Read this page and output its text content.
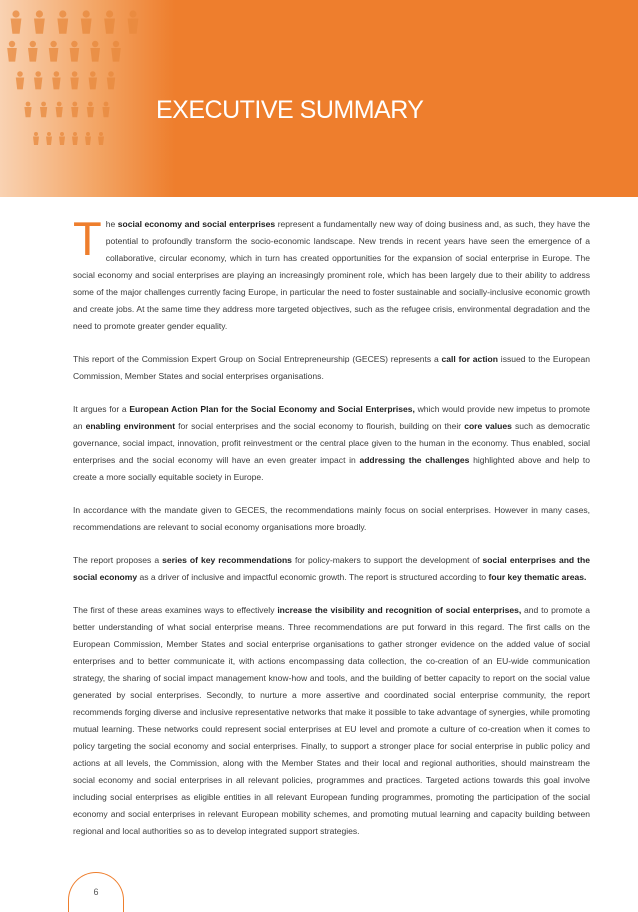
EXECUTIVE SUMMARY

The social economy and social enterprises represent a fundamentally new way of doing business and, as such, they have the potential to profoundly transform the socio-economic landscape. New trends in recent years have seen the emergence of a collaborative, circular economy, which in turn has created opportunities for the expansion of social enterprise in Europe. The social economy and social enterprises are playing an increasingly prominent role, which has been largely due to their ability to address some of the major challenges currently facing Europe, in particular the need to foster sustainable and socially-inclusive economic growth and create jobs. At the same time they address more targeted objectives, such as the refugee crisis, environmental degradation and the need to promote greater gender equality.

This report of the Commission Expert Group on Social Entrepreneurship (GECES) represents a call for action issued to the European Commission, Member States and social enterprises organisations.

It argues for a European Action Plan for the Social Economy and Social Enterprises, which would provide new impetus to promote an enabling environment for social enterprises and the social economy to flourish, building on their core values such as democratic governance, social impact, innovation, profit reinvestment or the central place given to the human in the economy. Thus enabled, social enterprises and the social economy will have an even greater impact in addressing the challenges highlighted above and help to create a more socially equitable society in Europe.

In accordance with the mandate given to GECES, the recommendations mainly focus on social enterprises. However in many cases, recommendations are relevant to social economy organisations more broadly.

The report proposes a series of key recommendations for policy-makers to support the development of social enterprises and the social economy as a driver of inclusive and impactful economic growth. The report is structured according to four key thematic areas.

The first of these areas examines ways to effectively increase the visibility and recognition of social enterprises, and to promote a better understanding of what social enterprise means. Three recommendations are put forward in this regard. The first calls on the European Commission, Member States and social enterprise organisations to gather stronger evidence on the added value of social enterprises and to better communicate it, with actions encompassing data collection, the co-creation of an EU-wide communication strategy, the sharing of social impact management know-how and tools, and the building of better capacity to report on the social value generated by social enterprises. Secondly, to nurture a more assertive and coordinated social enterprise community, the report recommends forging diverse and inclusive representative networks that make it possible to take advantage of synergies, while promoting mutual learning. These networks could represent social enterprises at EU level and promote a culture of co-creation when it comes to policy targeting the social economy and social enterprises. Finally, to support a stronger place for social enterprise in public policy and actions at all levels, the Commission, along with the Member States and their local and regional authorities, should mainstream the social economy and social enterprises in all relevant policies, programmes and practices. Targeted actions towards this goal involve including social enterprises as eligible entities in all relevant European funding programmes, promoting the participation of the social economy and social enterprises in relevant European mobility schemes, and promoting mutual learning and capacity building between regional and local authorities so as to develop integrated support strategies.

6
